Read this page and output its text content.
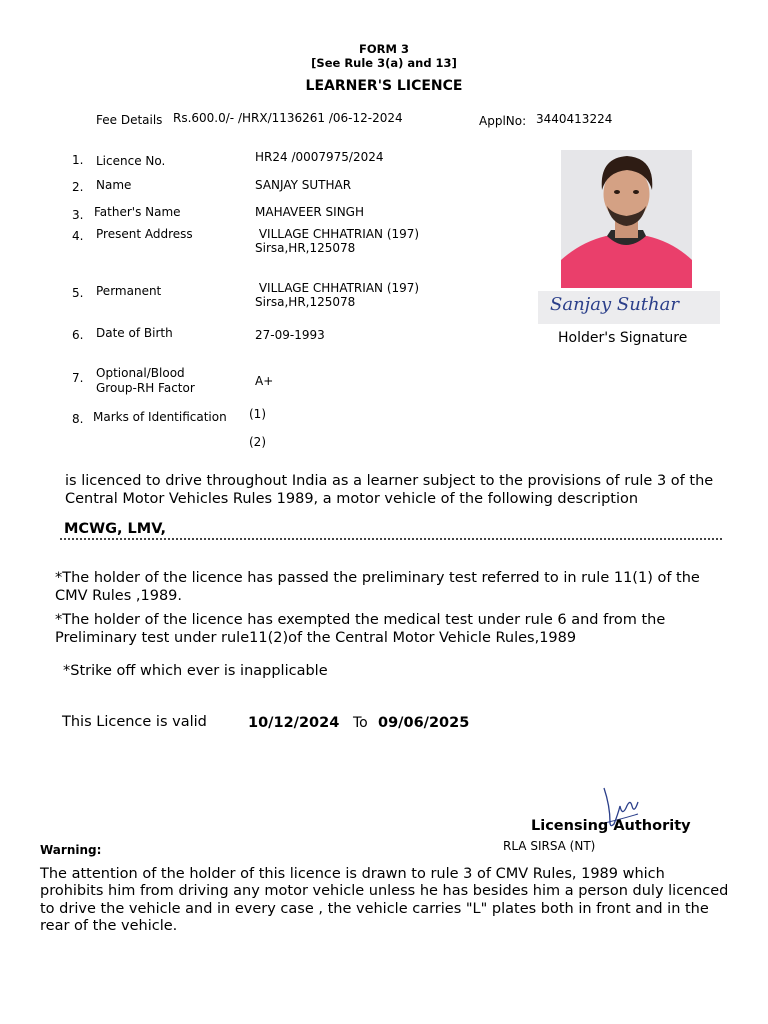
FORM 3
[See Rule 3(a) and 13]
LEARNER'S LICENCE
Fee Details Rs.600.0/- /HRX/1136261 /06-12-2024	ApplNo: 3440413224
1. Licence No.	HR24 /0007975/2024
2. Name	SANJAY SUTHAR
3. Father's Name	MAHAVEER SINGH
4. Present Address	VILLAGE CHHATRIAN (197)
Sirsa,HR,125078
5. Permanent	VILLAGE CHHATRIAN (197)
Sirsa,HR,125078
6. Date of Birth	27-09-1993
7. Optional/Blood
Group-RH Factor	A+
8. Marks of Identification (1)
(2)
Sanjay Suthar
Holder's Signature
is licenced to drive throughout India as a learner subject to the provisions of rule 3 of the Central Motor Vehicles Rules 1989, a motor vehicle of the following description
MCWG, LMV,
*The holder of the licence has passed the preliminary test referred to in rule 11(1) of the CMV Rules ,1989.
*The holder of the licence has exempted the medical test under rule 6 and from the Preliminary test under rule11(2)of the Central Motor Vehicle Rules,1989
*Strike off which ever is inapplicable
This Licence is valid	10/12/2024 To 09/06/2025
Licensing Authority
RLA SIRSA (NT)
Warning:
The attention of the holder of this licence is drawn to rule 3 of CMV Rules, 1989 which prohibits him from driving any motor vehicle unless he has besides him a person duly licenced to drive the vehicle and in every case , the vehicle carries "L" plates both in front and in the rear of the vehicle.
